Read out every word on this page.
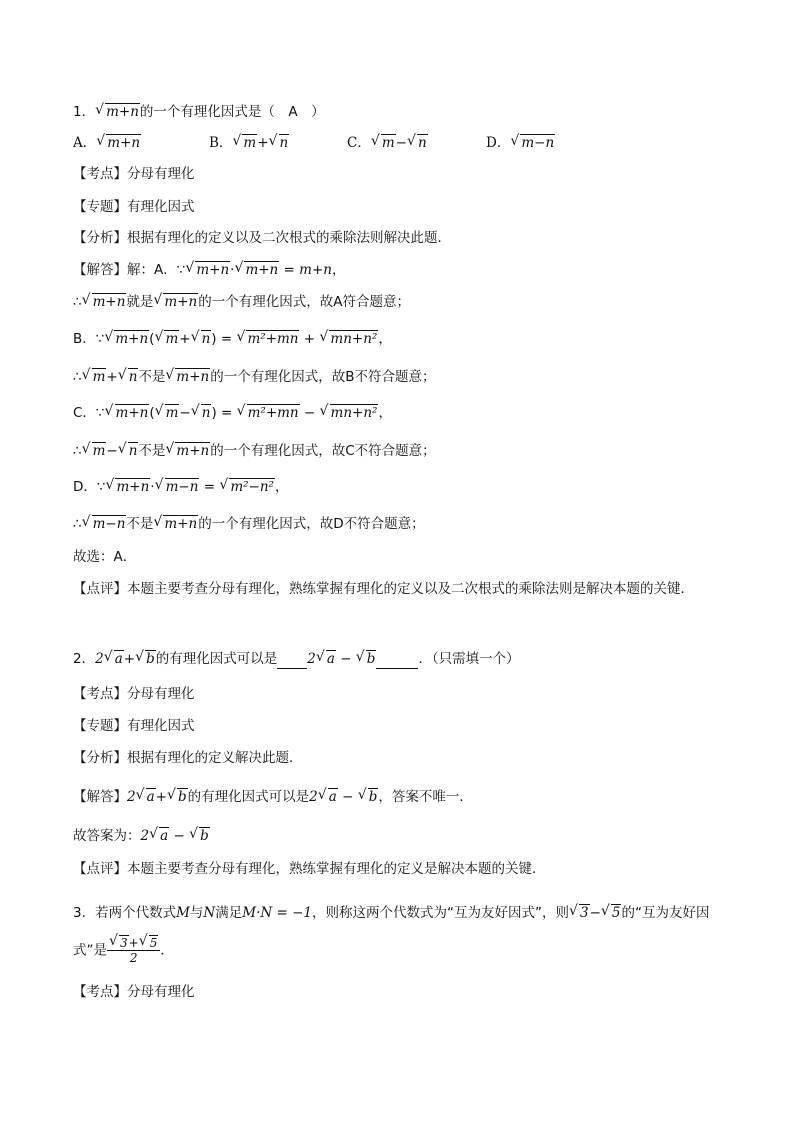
1． √ m+n的一个有理化因式是（　A　）
A． √ m+n	B． √ m+ √ n	C． √ m− √ n	D． √ m−n
【考点】分母有理化
【专题】有理化因式
【分析】根据有理化的定义以及二次根式的乘除法则解决此题．
【解答】解：A．∵ √ m+n· √ m+n = m+n，
∴ √ m+n就是 √ m+n的一个有理化因式，故A符合题意；
B．∵ √ m+n( √ m+ √ n) = √ m²+mn + √ mn+n²，
∴ √ m+ √ n不是 √ m+n的一个有理化因式，故B不符合题意；
C．∵ √ m+n( √ m− √ n) = √ m²+mn − √ mn+n²，
∴ √ m− √ n不是 √ m+n的一个有理化因式，故C不符合题意；
D．∵ √ m+n· √ m−n = √ m²−n²，
∴ √ m−n不是 √ m+n的一个有理化因式，故D不符合题意；
故选：A．
【点评】本题主要考查分母有理化，熟练掌握有理化的定义以及二次根式的乘除法则是解决本题的关键．
2．2 √ a+ √ b的有理化因式可以是 2 √ a − √ b	．（只需填一个）
【考点】分母有理化
【专题】有理化因式
【分析】根据有理化的定义解决此题．
【解答】2 √ a+ √ b的有理化因式可以是2 √ a − √ b，答案不唯一．
故答案为：2 √ a − √ b
【点评】本题主要考查分母有理化，熟练掌握有理化的定义是解决本题的关键．
3．若两个代数式M与N满足M·N = −1，则称这两个代数式为“互为友好因式”，则 √ 3− √ 5的“互为友好因
式”是 √ $\frac{3+ √ 5}{2}$ ．
【考点】分母有理化
